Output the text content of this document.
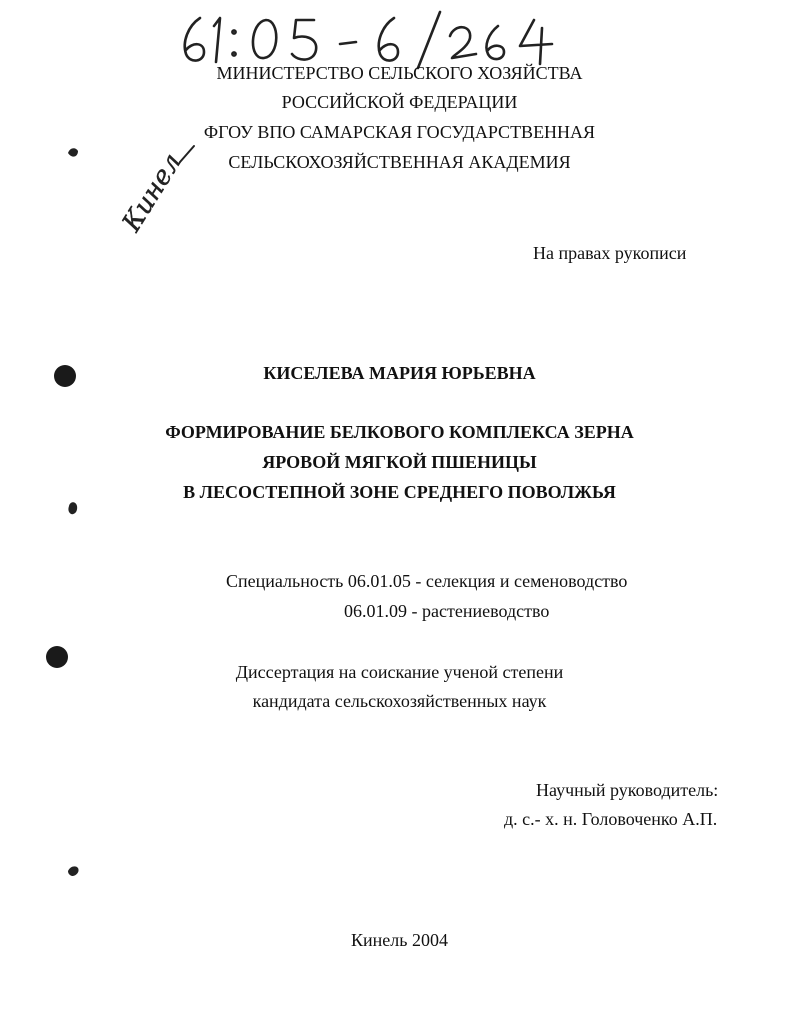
Кинел
МИНИСТЕРСТВО СЕЛЬСКОГО ХОЗЯЙСТВА
РОССИЙСКОЙ ФЕДЕРАЦИИ
ФГОУ ВПО САМАРСКАЯ ГОСУДАРСТВЕННАЯ
СЕЛЬСКОХОЗЯЙСТВЕННАЯ АКАДЕМИЯ
На правах рукописи
КИСЕЛЕВА МАРИЯ ЮРЬЕВНА
ФОРМИРОВАНИЕ БЕЛКОВОГО КОМПЛЕКСА ЗЕРНА
ЯРОВОЙ МЯГКОЙ ПШЕНИЦЫ
В ЛЕСОСТЕПНОЙ ЗОНЕ СРЕДНЕГО ПОВОЛЖЬЯ
Специальность 06.01.05 - селекция и семеноводство
06.01.09 - растениеводство
Диссертация на соискание ученой степени
кандидата сельскохозяйственных наук
Научный руководитель:
д. с.- х. н. Головоченко А.П.
Кинель 2004
